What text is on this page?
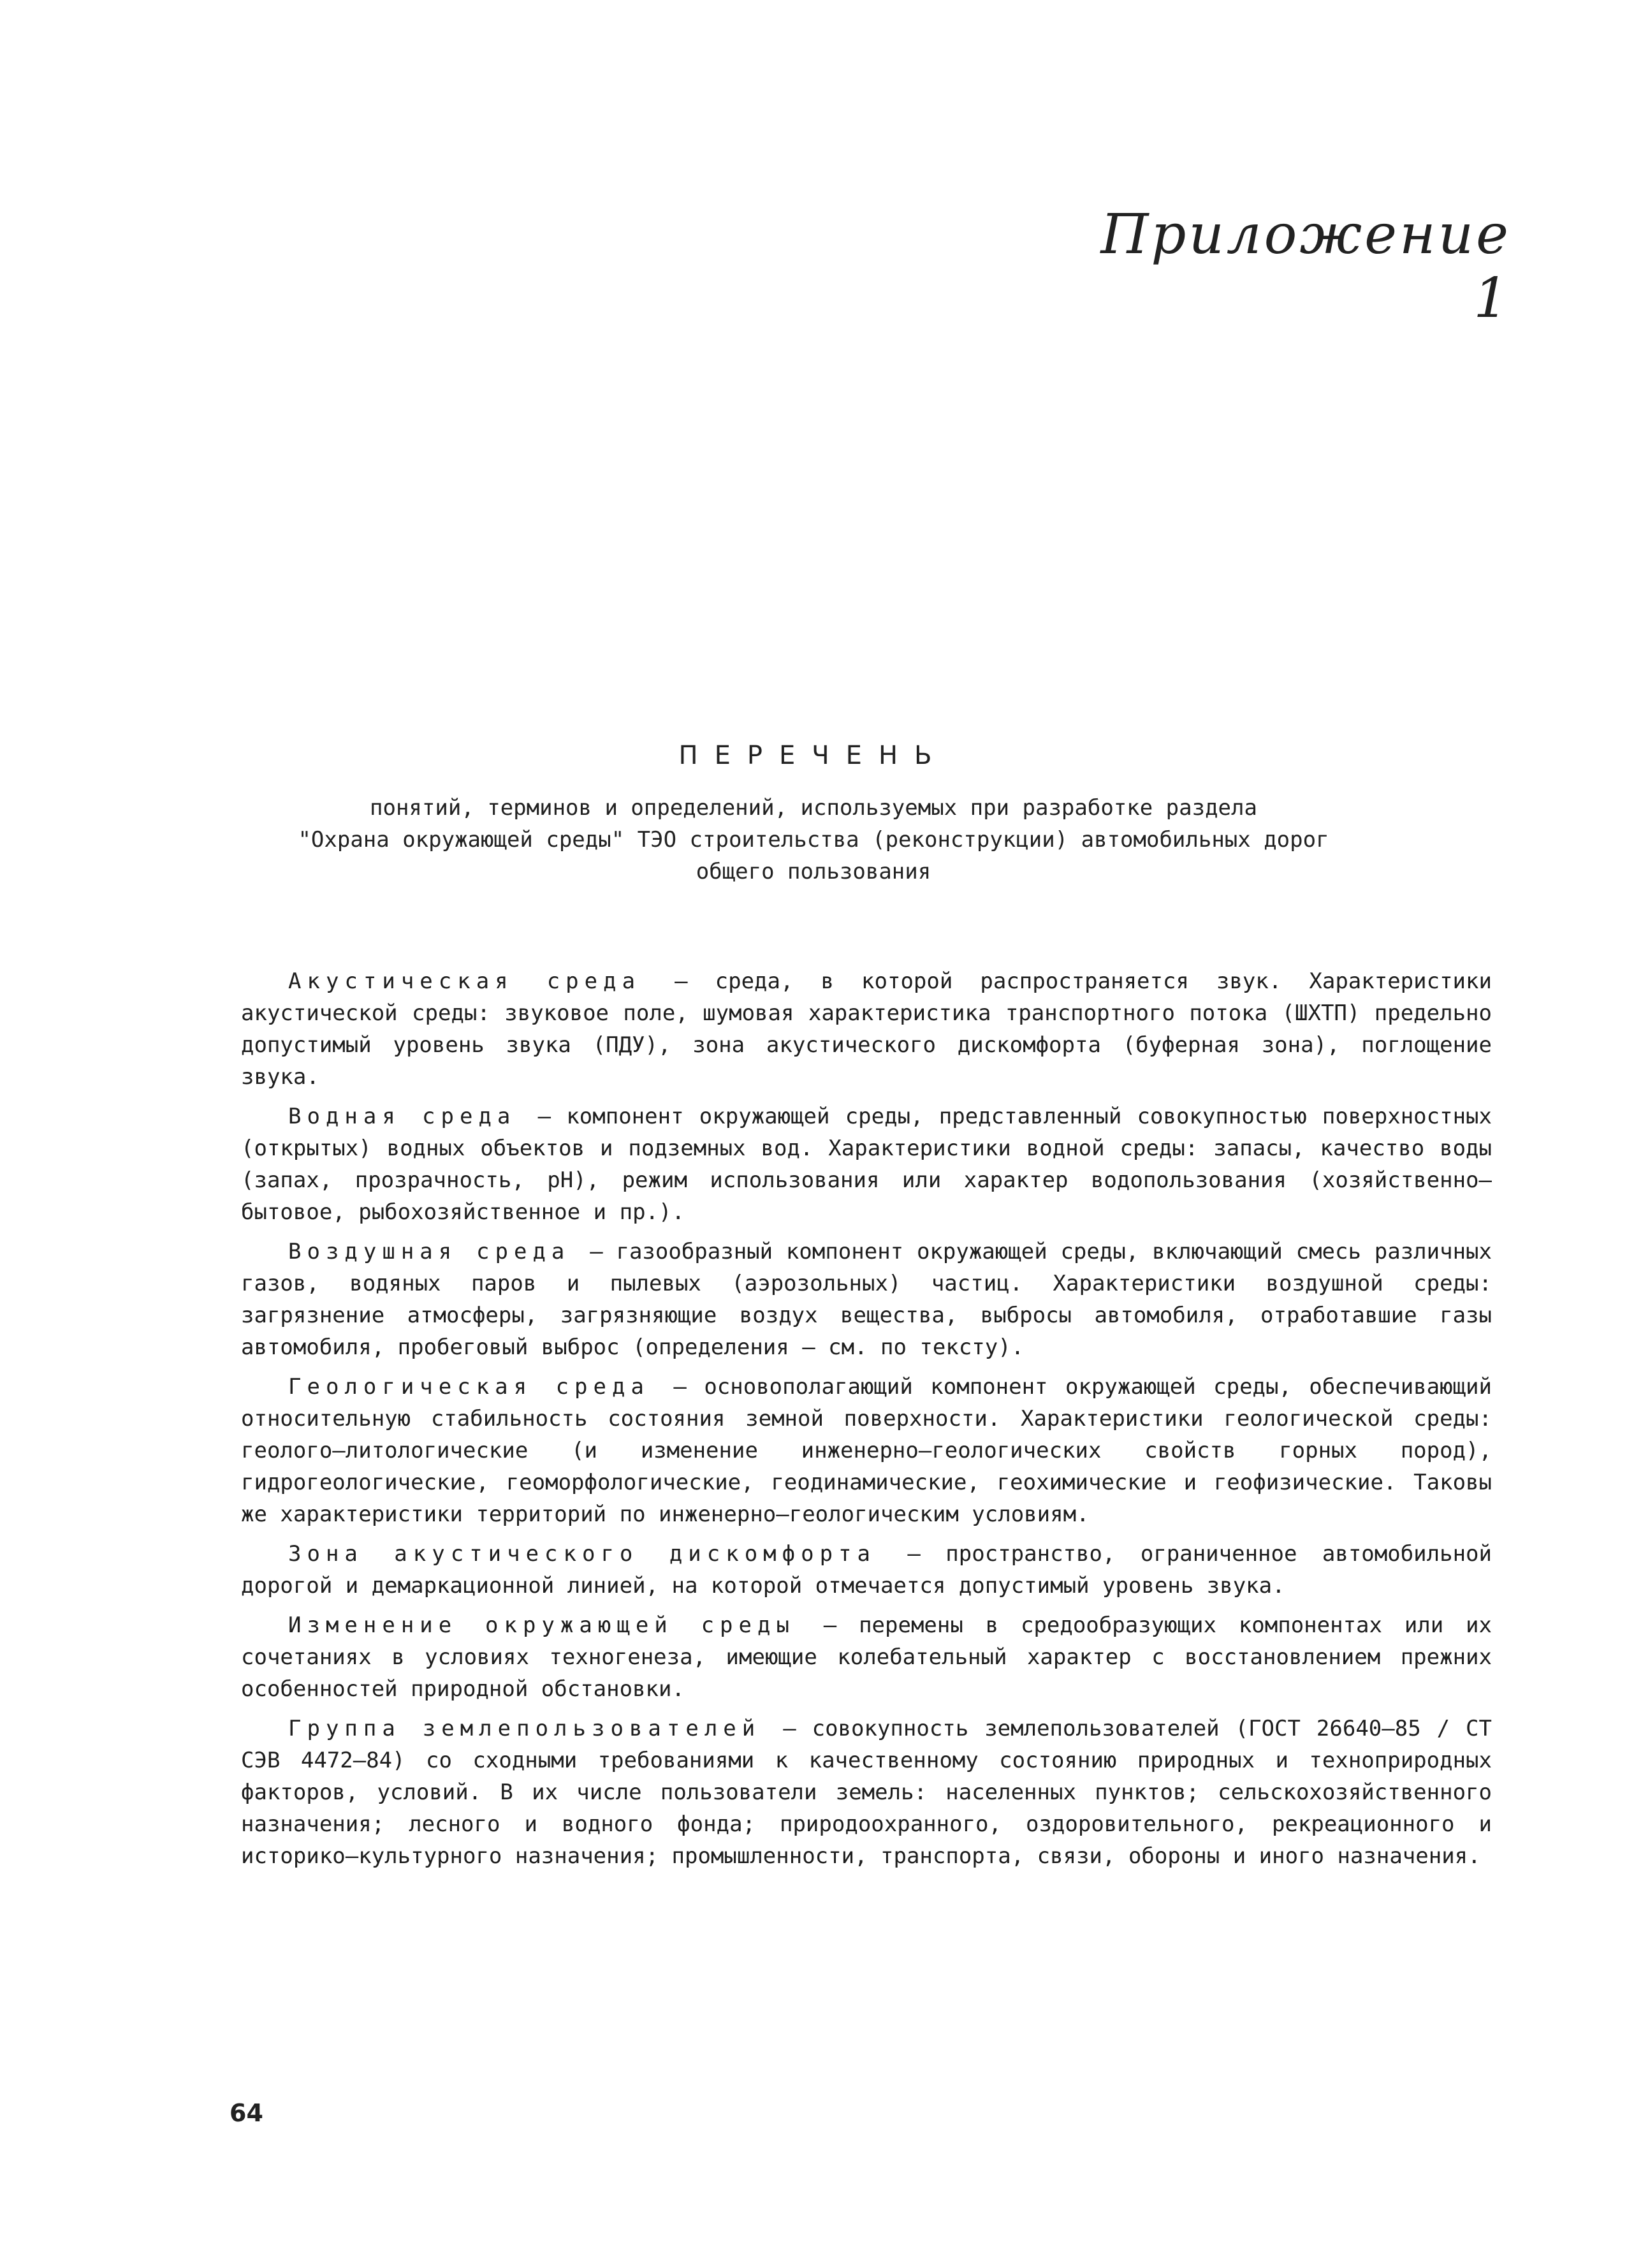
Приложение 1
ПЕРЕЧЕНЬ
понятий, терминов и определений, используемых при разработке раздела
"Охрана окружающей среды" ТЭО строительства (реконструкции) автомобильных дорог
общего пользования

Акустическая среда – среда, в которой распространяется звук. Характеристики акустической среды: звуковое поле, шумовая характеристика транспортного потока (ШХТП) предельно допустимый уровень звука (ПДУ), зона акустического дискомфорта (буферная зона), поглощение звука.

Водная среда – компонент окружающей среды, представленный совокупностью поверхностных (открытых) водных объектов и подземных вод. Характеристики водной среды: запасы, качество воды (запах, прозрачность, pH), режим использования или характер водопользования (хозяйственно–бытовое, рыбохозяйственное и пр.).

Воздушная среда – газообразный компонент окружающей среды, включающий смесь различных газов, водяных паров и пылевых (аэрозольных) частиц. Характеристики воздушной среды: загрязнение атмосферы, загрязняющие воздух вещества, выбросы автомобиля, отработавшие газы автомобиля, пробеговый выброс (определения – см. по тексту).

Геологическая среда – основополагающий компонент окружающей среды, обеспечивающий относительную стабильность состояния земной поверхности. Характеристики геологической среды: геолого–литологические (и изменение инженерно–геологических свойств горных пород), гидрогеологические, геоморфологические, геодинамические, геохимические и геофизические. Таковы же характеристики территорий по инженерно–геологическим условиям.

Зона акустического дискомфорта – пространство, ограниченное автомобильной дорогой и демаркационной линией, на которой отмечается допустимый уровень звука.

Изменение окружающей среды – перемены в средообразующих компонентах или их сочетаниях в условиях техногенеза, имеющие колебательный характер с восстановлением прежних особенностей природной обстановки.

Группа землепользователей – совокупность землепользователей (ГОСТ 26640–85 / СТ СЭВ 4472–84) со сходными требованиями к качественному состоянию природных и техноприродных факторов, условий. В их числе пользователи земель: населенных пунктов; сельскохозяйственного назначения; лесного и водного фонда; природоохранного, оздоровительного, рекреационного и историко–культурного назначения; промышленности, транспорта, связи, обороны и иного назначения.

64
